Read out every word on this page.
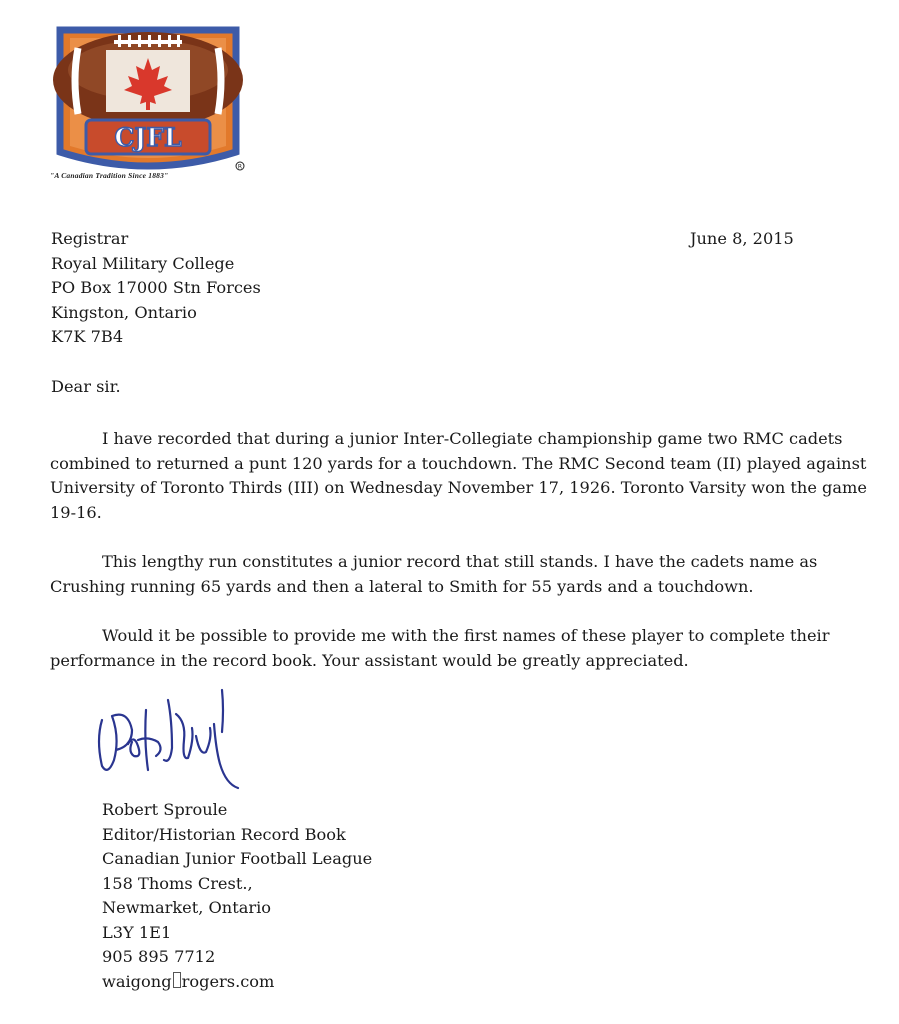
CJFL
R
"A Canadian Tradition Since 1883"
Registrar
Royal Military College
PO Box 17000 Stn Forces
Kingston, Ontario
K7K 7B4
June 8, 2015
Dear sir.

I have recorded that during a junior Inter-Collegiate championship game two RMC cadets combined to returned a punt 120 yards for a touchdown. The RMC Second team (II) played against University of Toronto Thirds (III) on Wednesday November 17, 1926. Toronto Varsity won the game 19-16.

This lengthy run constitutes a junior record that still stands. I have the cadets name as Crushing running 65 yards and then a lateral to Smith for 55 yards and a touchdown.

Would it be possible to provide me with the first names of these player to complete their performance in the record book. Your assistant would be greatly appreciated.

Robert Sproule
Editor/Historian Record Book
Canadian Junior Football League
158 Thoms Crest.,
Newmarket, Ontario
L3Y 1E1
905 895 7712
waigong rogers.com
